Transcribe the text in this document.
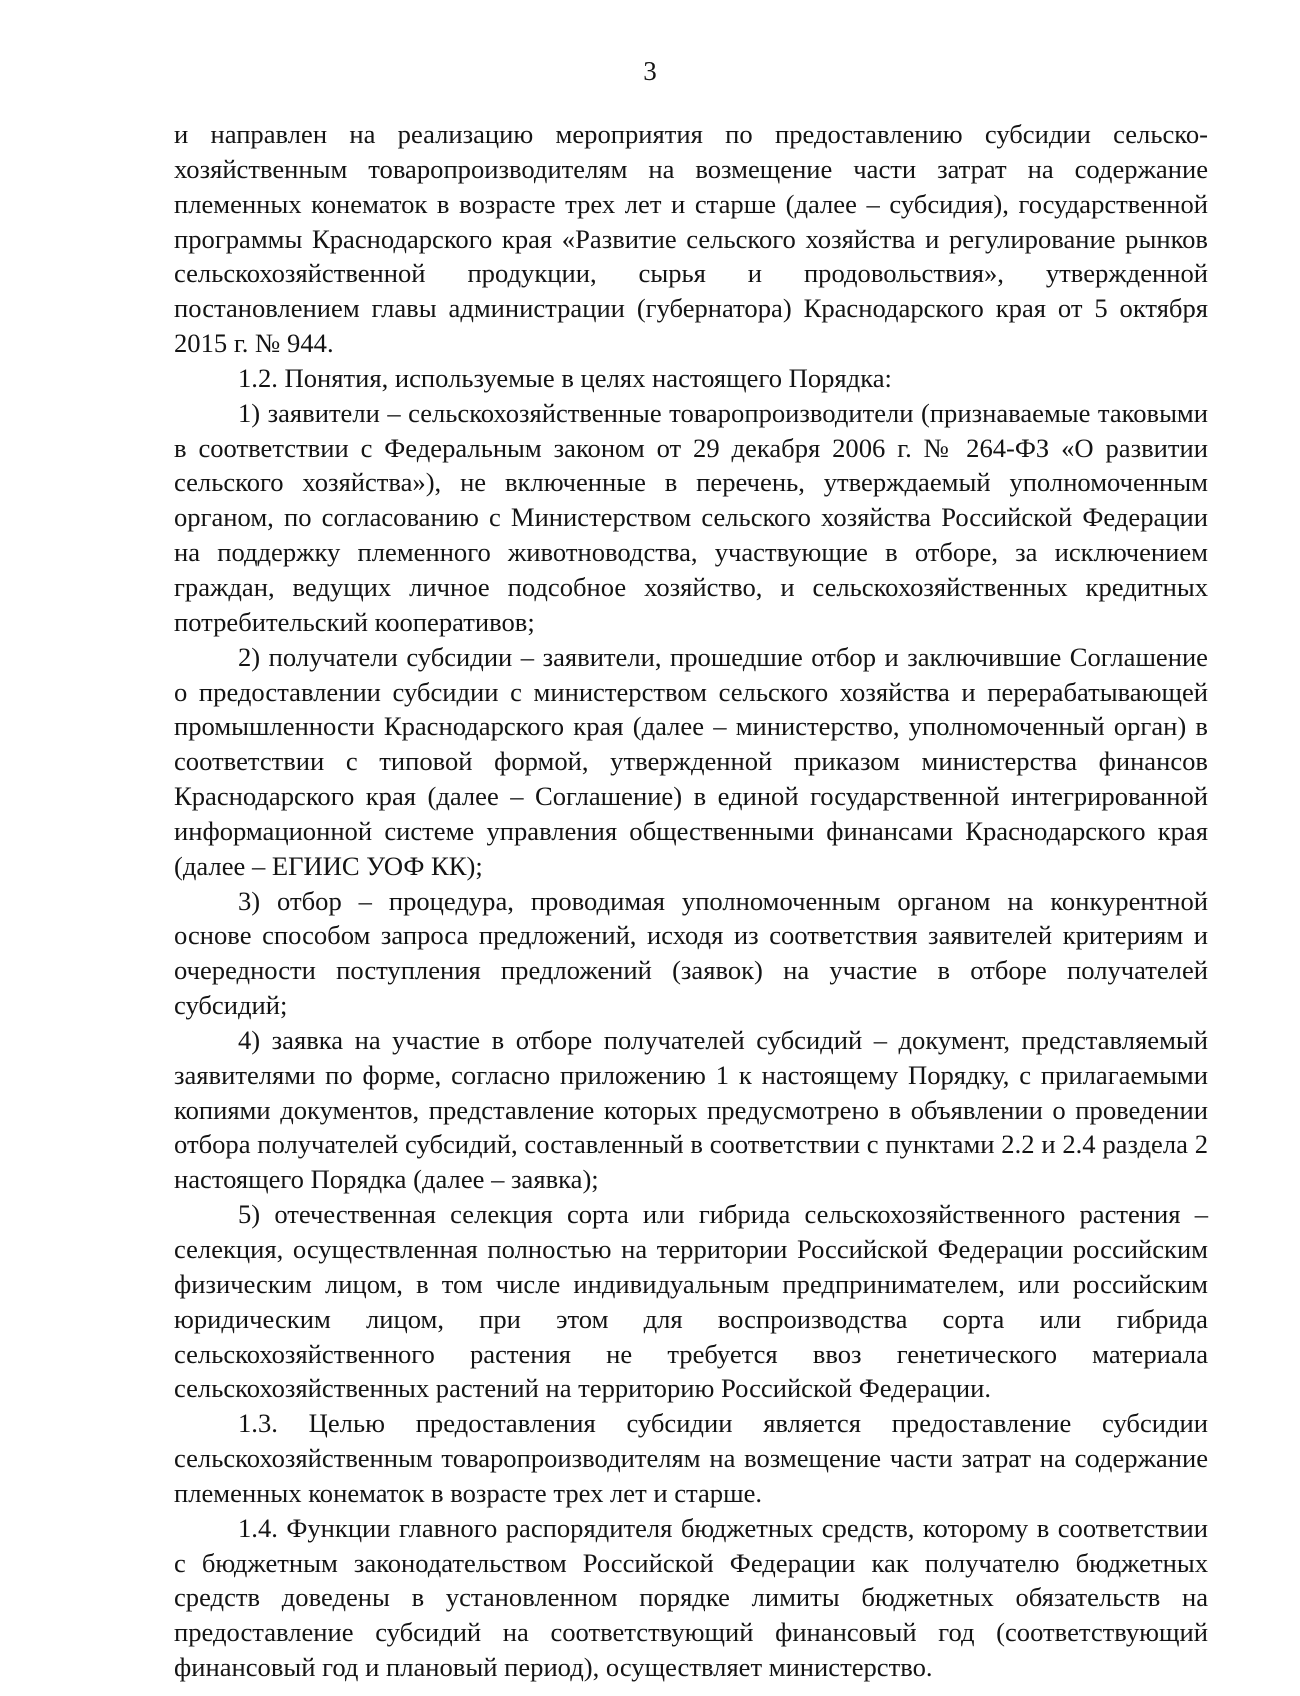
3

и направлен на реализацию мероприятия по предоставлению субсидии сельскохозяйственным товаропроизводителям на возмещение части затрат на содержание племенных конематок в возрасте трех лет и старше (далее – субсидия), государственной программы Краснодарского края «Развитие сельского хозяйства и регулирование рынков сельскохозяйственной продукции, сырья и продовольствия», утвержденной постановлением главы администрации (губернатора) Краснодарского края от 5 октября 2015 г. № 944.

1.2. Понятия, используемые в целях настоящего Порядка:

1) заявители – сельскохозяйственные товаропроизводители (признаваемые таковыми в соответствии с Федеральным законом от 29 декабря 2006 г. № 264-ФЗ «О развитии сельского хозяйства»), не включенные в перечень, утверждаемый уполномоченным органом, по согласованию с Министерством сельского хозяйства Российской Федерации на поддержку племенного животноводства, участвующие в отборе, за исключением граждан, ведущих личное подсобное хозяйство, и сельскохозяйственных кредитных потребительский кооперативов;

2) получатели субсидии – заявители, прошедшие отбор и заключившие Соглашение о предоставлении субсидии с министерством сельского хозяйства и перерабатывающей промышленности Краснодарского края (далее – министерство, уполномоченный орган) в соответствии с типовой формой, утвержденной приказом министерства финансов Краснодарского края (далее – Соглашение) в единой государственной интегрированной информационной системе управления общественными финансами Краснодарского края (далее – ЕГИИС УОФ КК);

3) отбор – процедура, проводимая уполномоченным органом на конкурентной основе способом запроса предложений, исходя из соответствия заявителей критериям и очередности поступления предложений (заявок) на участие в отборе получателей субсидий;

4) заявка на участие в отборе получателей субсидий – документ, представляемый заявителями по форме, согласно приложению 1 к настоящему Порядку, с прилагаемыми копиями документов, представление которых предусмотрено в объявлении о проведении отбора получателей субсидий, составленный в соответствии с пунктами 2.2 и 2.4 раздела 2 настоящего Порядка (далее – заявка);

5) отечественная селекция сорта или гибрида сельскохозяйственного растения – селекция, осуществленная полностью на территории Российской Федерации российским физическим лицом, в том числе индивидуальным предпринимателем, или российским юридическим лицом, при этом для воспроизводства сорта или гибрида сельскохозяйственного растения не требуется ввоз генетического материала сельскохозяйственных растений на территорию Российской Федерации.

1.3. Целью предоставления субсидии является предоставление субсидии сельскохозяйственным товаропроизводителям на возмещение части затрат на содержание племенных конематок в возрасте трех лет и старше.

1.4. Функции главного распорядителя бюджетных средств, которому в соответствии с бюджетным законодательством Российской Федерации как получателю бюджетных средств доведены в установленном порядке лимиты бюджетных обязательств на предоставление субсидий на соответствующий финансовый год (соответствующий финансовый год и плановый период), осуществляет министерство.
